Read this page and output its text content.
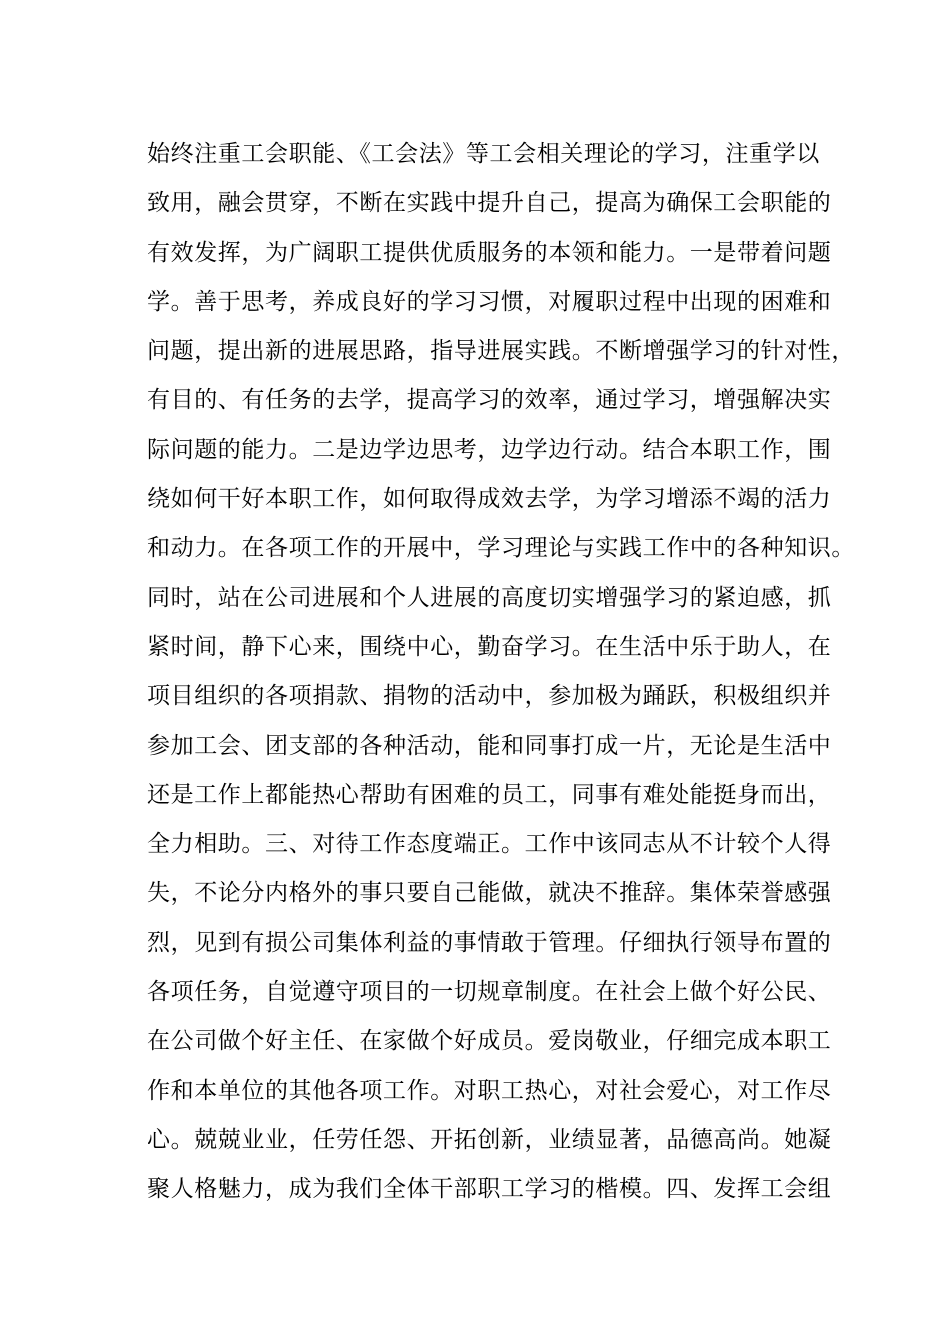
始终注重工会职能、《工会法》等工会相关理论的学习，注重学以
致用，融会贯穿，不断在实践中提升自己，提高为确保工会职能的
有效发挥，为广阔职工提供优质服务的本领和能力。一是带着问题
学。善于思考，养成良好的学习习惯，对履职过程中出现的困难和
问题，提出新的进展思路，指导进展实践。不断增强学习的针对性，
有目的、有任务的去学，提高学习的效率，通过学习，增强解决实
际问题的能力。二是边学边思考，边学边行动。结合本职工作，围
绕如何干好本职工作，如何取得成效去学，为学习增添不竭的活力
和动力。在各项工作的开展中，学习理论与实践工作中的各种知识。
同时，站在公司进展和个人进展的高度切实增强学习的紧迫感，抓
紧时间，静下心来，围绕中心，勤奋学习。在生活中乐于助人，在
项目组织的各项捐款、捐物的活动中，参加极为踊跃，积极组织并
参加工会、团支部的各种活动，能和同事打成一片，无论是生活中
还是工作上都能热心帮助有困难的员工，同事有难处能挺身而出，
全力相助。三、对待工作态度端正。工作中该同志从不计较个人得
失，不论分内格外的事只要自己能做，就决不推辞。集体荣誉感强
烈，见到有损公司集体利益的事情敢于管理。仔细执行领导布置的
各项任务，自觉遵守项目的一切规章制度。在社会上做个好公民、
在公司做个好主任、在家做个好成员。爱岗敬业，仔细完成本职工
作和本单位的其他各项工作。对职工热心，对社会爱心，对工作尽
心。兢兢业业，任劳任怨、开拓创新，业绩显著，品德高尚。她凝
聚人格魅力，成为我们全体干部职工学习的楷模。四、发挥工会组
